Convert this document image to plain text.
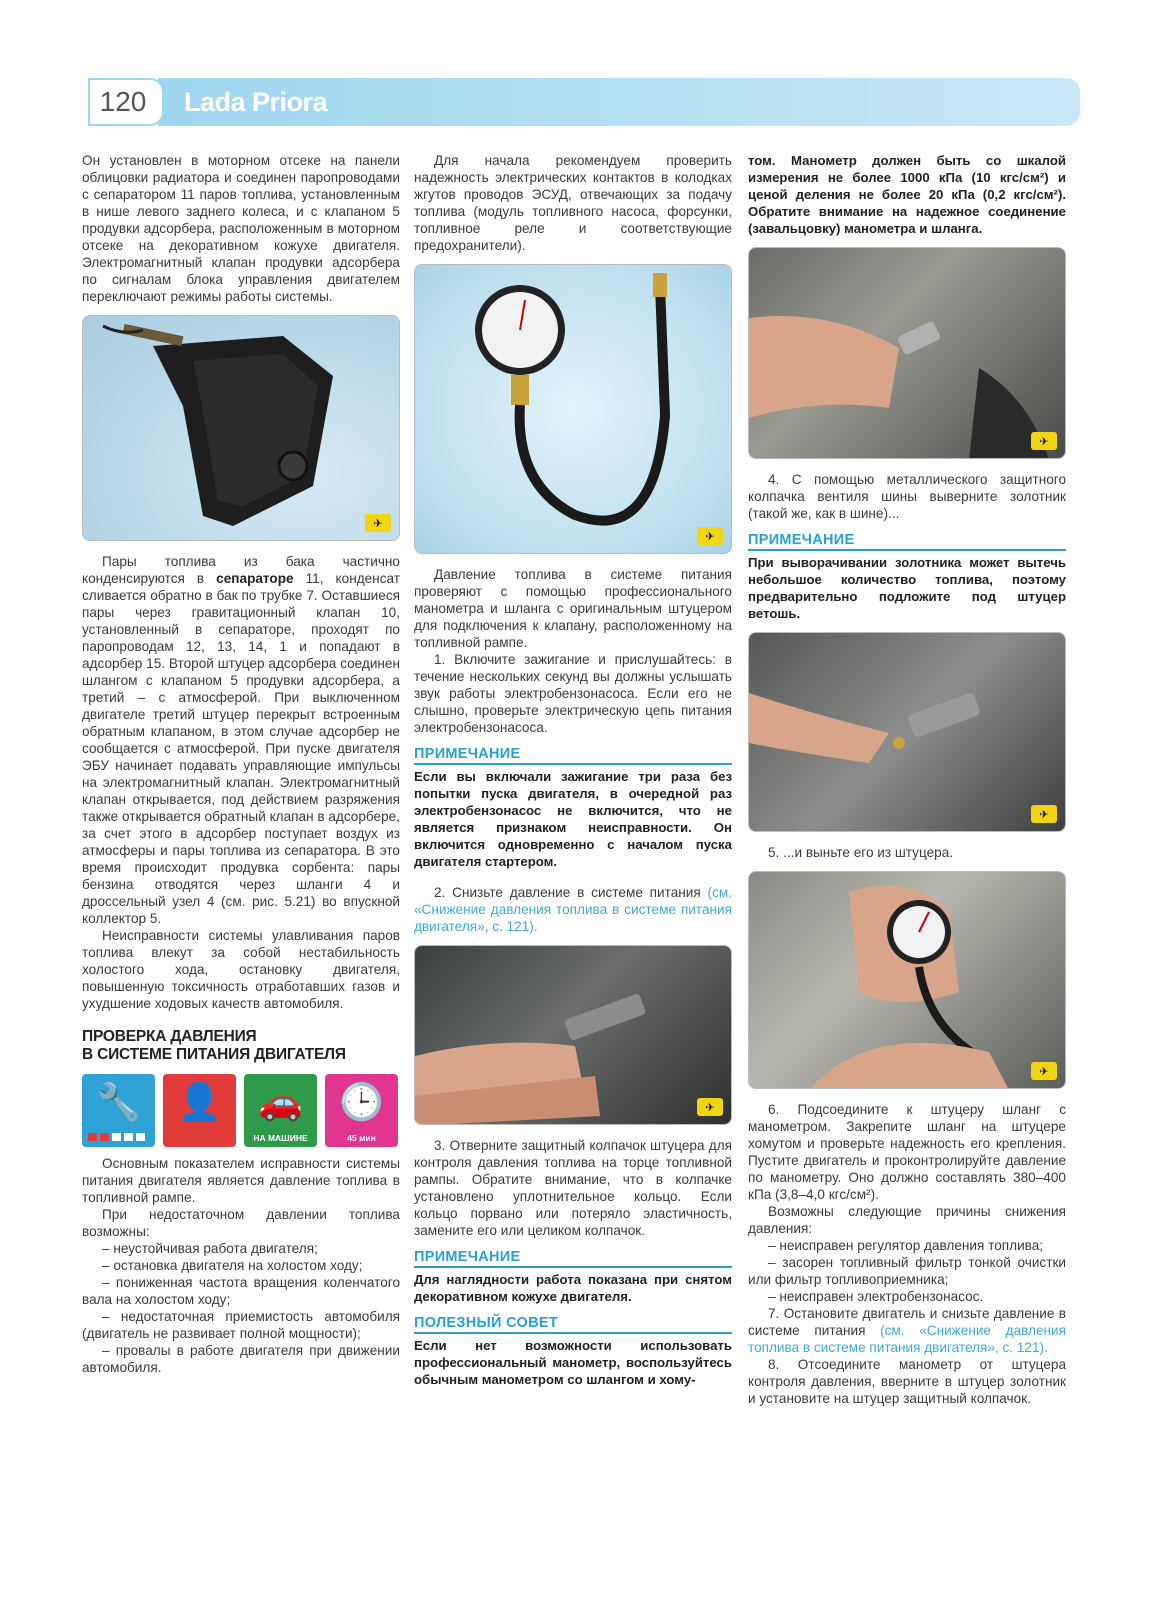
120	Lada Priora

Он установлен в моторном отсеке на панели облицовки радиатора и соединен паропроводами с сепаратором 11 паров топлива, установленным в нише левого заднего колеса, и с клапаном 5 продувки адсорбера, расположенным в моторном отсеке на декоративном кожухе двигателя. Электромагнитный клапан продувки адсорбера по сигналам блока управления двигателем переключают режимы работы системы.

✈

Пары топлива из бака частично конденсируются в сепараторе 11, конденсат сливается обратно в бак по трубке 7. Оставшиеся пары через гравитационный клапан 10, установленный в сепараторе, проходят по паропроводам 12, 13, 14, 1 и попадают в адсорбер 15. Второй штуцер адсорбера соединен шлангом с клапаном 5 продувки адсорбера, а третий – с атмосферой. При выключенном двигателе третий штуцер перекрыт встроенным обратным клапаном, в этом случае адсорбер не сообщается с атмосферой. При пуске двигателя ЭБУ начинает подавать управляющие импульсы на электромагнитный клапан. Электромагнитный клапан открывается, под действием разряжения также открывается обратный клапан в адсорбере, за счет этого в адсорбер поступает воздух из атмосферы и пары топлива из сепаратора. В это время происходит продувка сорбента: пары бензина отводятся через шланги 4 и дроссельный узел 4 (см. рис. 5.21) во впускной коллектор 5.

Неисправности системы улавливания паров топлива влекут за собой нестабильность холостого хода, остановку двигателя, повышенную токсичность отработавших газов и ухудшение ходовых качеств автомобиля.

ПРОВЕРКА ДАВЛЕНИЯ
В СИСТЕМЕ ПИТАНИЯ ДВИГАТЕЛЯ
🔧	👤	🚗
НА МАШИНЕ
🕒
45 мин

Основным показателем исправности системы питания двигателя является давление топлива в топливной рампе.

При недостаточном давлении топлива возможны:

– неустойчивая работа двигателя;

– остановка двигателя на холостом ходу;

– пониженная частота вращения коленчатого вала на холостом ходу;

– недостаточная приемистость автомобиля (двигатель не развивает полной мощности);

– провалы в работе двигателя при движении автомобиля.

Для начала рекомендуем проверить надежность электрических контактов в колодках жгутов проводов ЭСУД, отвечающих за подачу топлива (модуль топливного насоса, форсунки, топливное реле и соответствующие предохранители).

✈

Давление топлива в системе питания проверяют с помощью профессионального манометра и шланга с оригинальным штуцером для подключения к клапану, расположенному на топливной рампе.

1. Включите зажигание и прислушайтесь: в течение нескольких секунд вы должны услышать звук работы электробензонасоса. Если его не слышно, проверьте электрическую цепь питания электробензонасоса.

ПРИМЕЧАНИЕ

Если вы включали зажигание три раза без попытки пуска двигателя, в очередной раз электробензонасос не включится, что не является признаком неисправности. Он включится одновременно с началом пуска двигателя стартером.

2. Снизьте давление в системе питания (см. «Снижение давления топлива в системе питания двигателя», с. 121).

✈

3. Отверните защитный колпачок штуцера для контроля давления топлива на торце топливной рампы. Обратите внимание, что в колпачке установлено уплотнительное кольцо. Если кольцо порвано или потеряло эластичность, замените его или целиком колпачок.

ПРИМЕЧАНИЕ

Для наглядности работа показана при снятом декоративном кожухе двигателя.

ПОЛЕЗНЫЙ СОВЕТ

Если нет возможности использовать профессиональный манометр, воспользуйтесь обычным манометром со шлангом и хому-

том. Манометр должен быть со шкалой измерения не более 1000 кПа (10 кгс/см²) и ценой деления не более 20 кПа (0,2 кгс/см²). Обратите внимание на надежное соединение (завальцовку) манометра и шланга.

✈

4. С помощью металлического защитного колпачка вентиля шины выверните золотник (такой же, как в шине)...

ПРИМЕЧАНИЕ

При выворачивании золотника может вытечь небольшое количество топлива, поэтому предварительно подложите под штуцер ветошь.

✈

5. ...и выньте его из штуцера.

✈

6. Подсоедините к штуцеру шланг с манометром. Закрепите шланг на штуцере хомутом и проверьте надежность его крепления. Пустите двигатель и проконтролируйте давление по манометру. Оно должно составлять 380–400 кПа (3,8–4,0 кгс/см²).

Возможны следующие причины снижения давления:

– неисправен регулятор давления топлива;

– засорен топливный фильтр тонкой очистки или фильтр топливоприемника;

– неисправен электробензонасос.

7. Остановите двигатель и снизьте давление в системе питания (см. «Снижение давления топлива в системе питания двигателя», с. 121).

8. Отсоедините манометр от штуцера контроля давления, вверните в штуцер золотник и установите на штуцер защитный колпачок.
